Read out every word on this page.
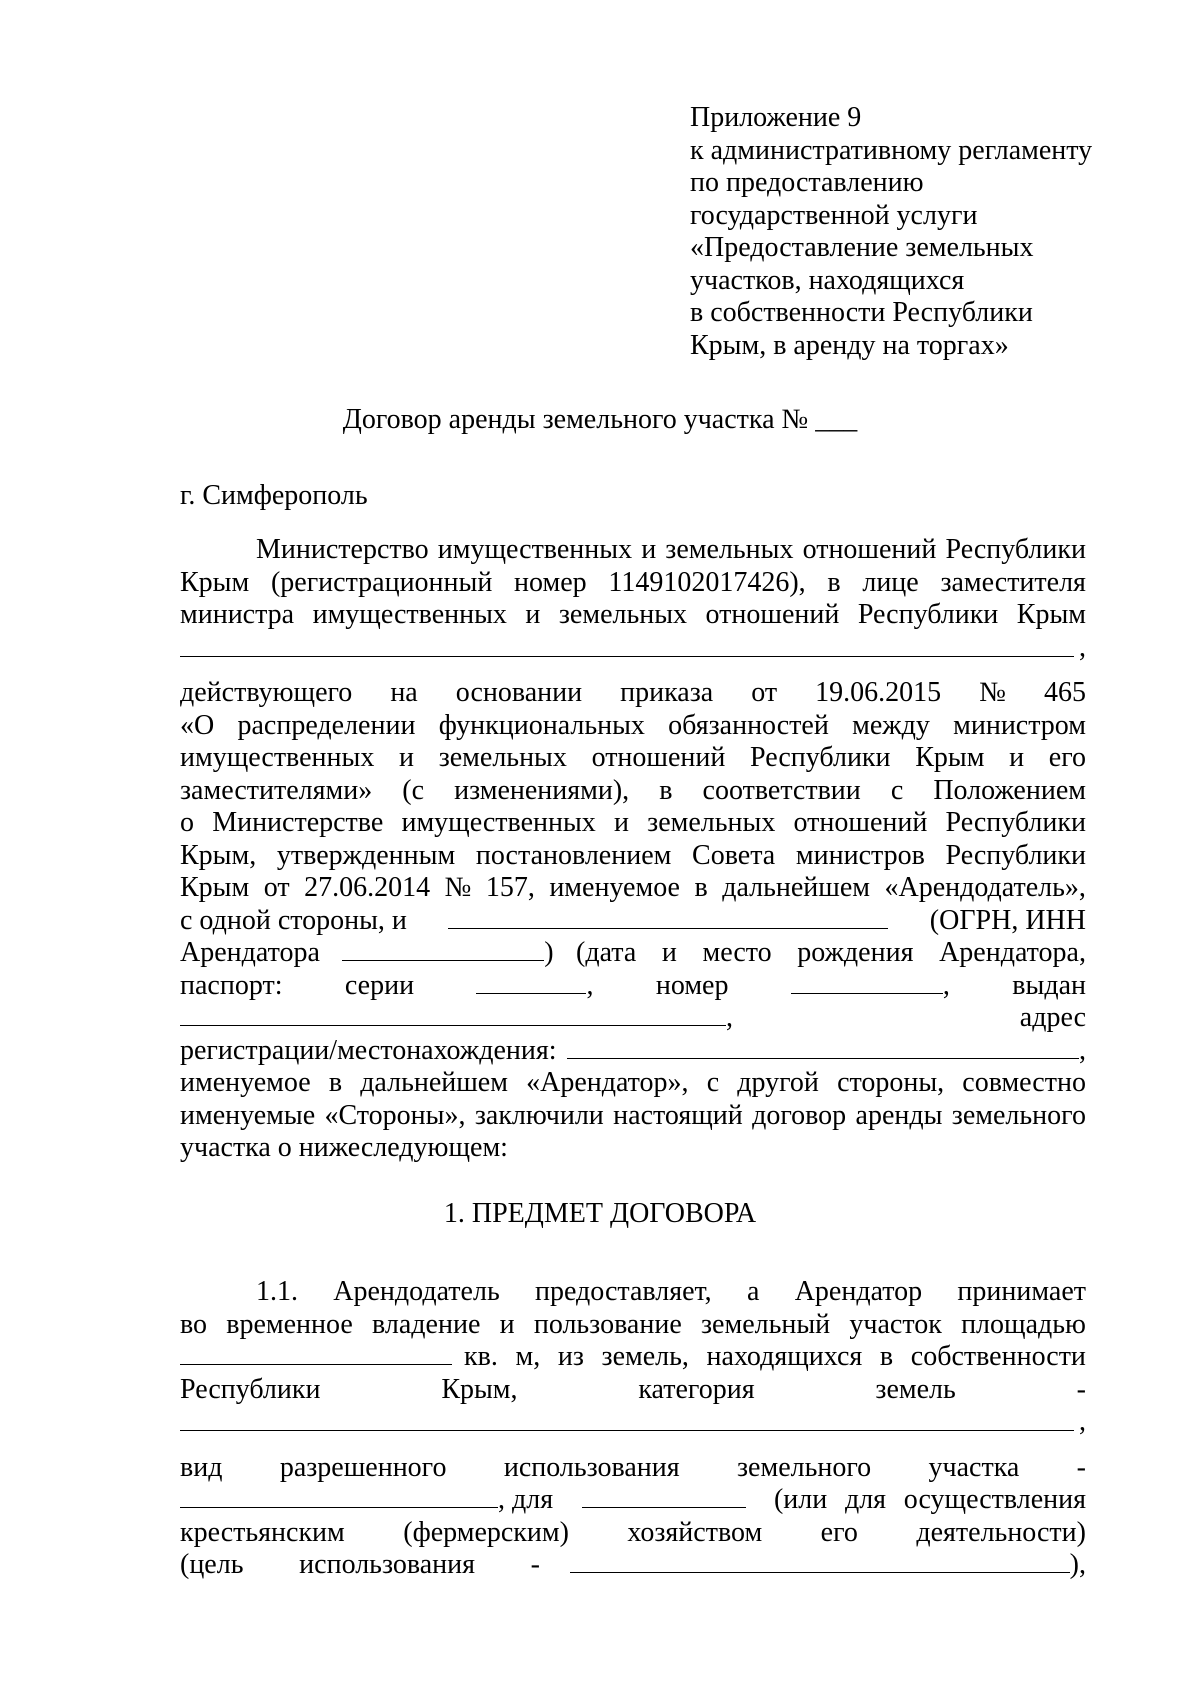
Приложение 9
к административному регламенту
по предоставлению
государственной услуги
«Предоставление земельных
участков, находящихся
в собственности Республики
Крым, в аренду на торгах»
Договор аренды земельного участка № ___
г. Симферополь
Министерство имущественных и земельных отношений Республики
Крым (регистрационный номер 1149102017426), в лице заместителя
министра имущественных и земельных отношений Республики Крым
,
действующего на основании приказа от 19.06.2015 № 465
«О распределении функциональных обязанностей между министром
имущественных и земельных отношений Республики Крым и его
заместителями» (с изменениями), в соответствии с Положением
о Министерстве имущественных и земельных отношений Республики
Крым, утвержденным постановлением Совета министров Республики
Крым от 27.06.2014 № 157, именуемое в дальнейшем «Арендодатель»,
с одной стороны, и	(ОГРН, ИНН
Арендатора	) (дата и место рождения Арендатора,
паспорт: серии	, номер	, выдан
,	адрес
регистрации/местонахождения:	,
именуемое в дальнейшем «Арендатор», с другой стороны, совместно
именуемые «Стороны», заключили настоящий договор аренды земельного
участка о нижеследующем:
1. ПРЕДМЕТ ДОГОВОРА
1.1. Арендодатель предоставляет, а Арендатор принимает
во временное владение и пользование земельный участок площадью
кв. м, из земель, находящихся в собственности
Республики	Крым,	категория	земель	-
,
вид разрешенного использования земельного участка -
, для	(или для осуществления
крестьянским (фермерским) хозяйством его деятельности)
(цель использования -	),
